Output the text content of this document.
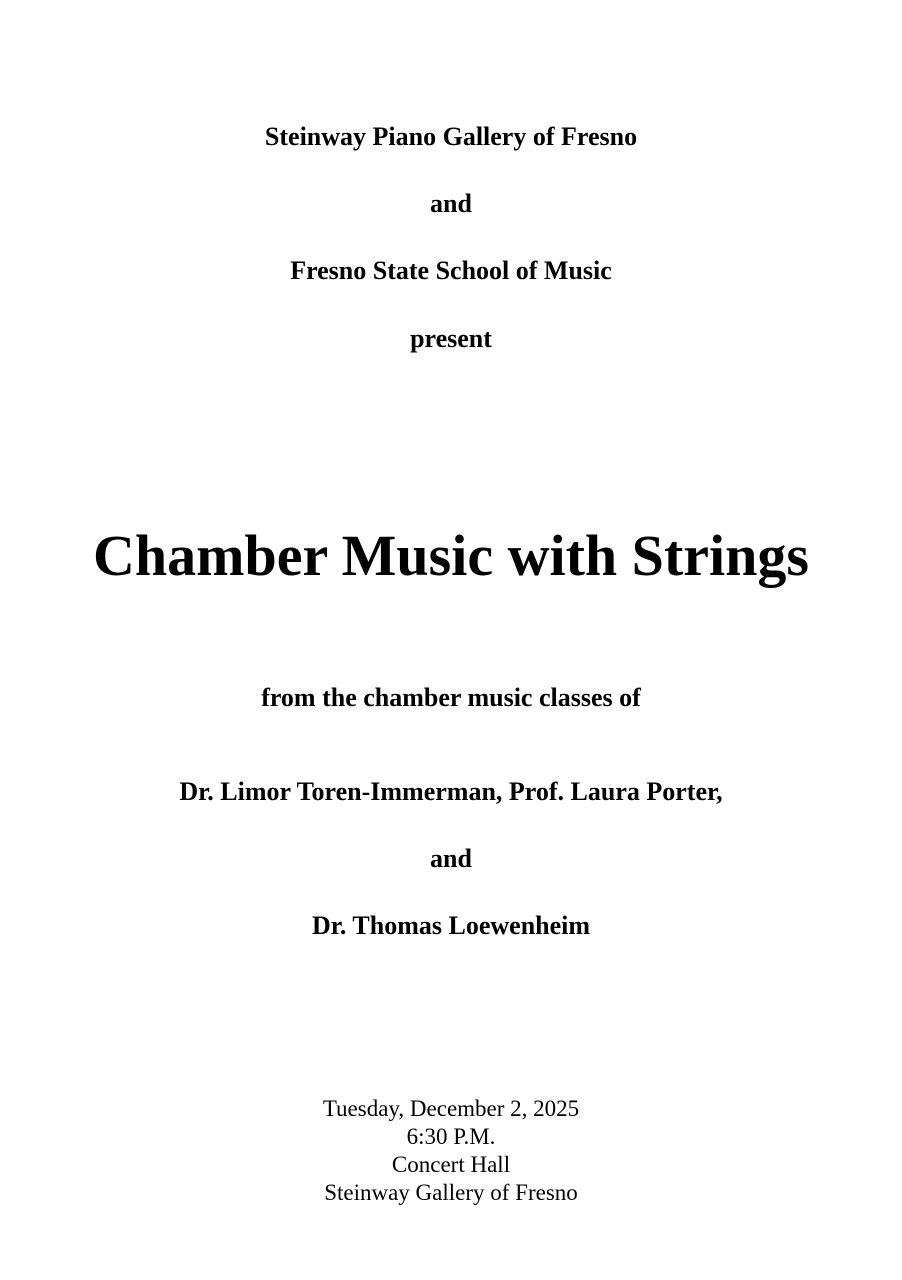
Steinway Piano Gallery of Fresno
and
Fresno State School of Music
present
Chamber Music with Strings
from the chamber music classes of
Dr. Limor Toren-Immerman, Prof. Laura Porter,
and
Dr. Thomas Loewenheim
Tuesday, December 2, 2025
6:30 P.M.
Concert Hall
Steinway Gallery of Fresno
